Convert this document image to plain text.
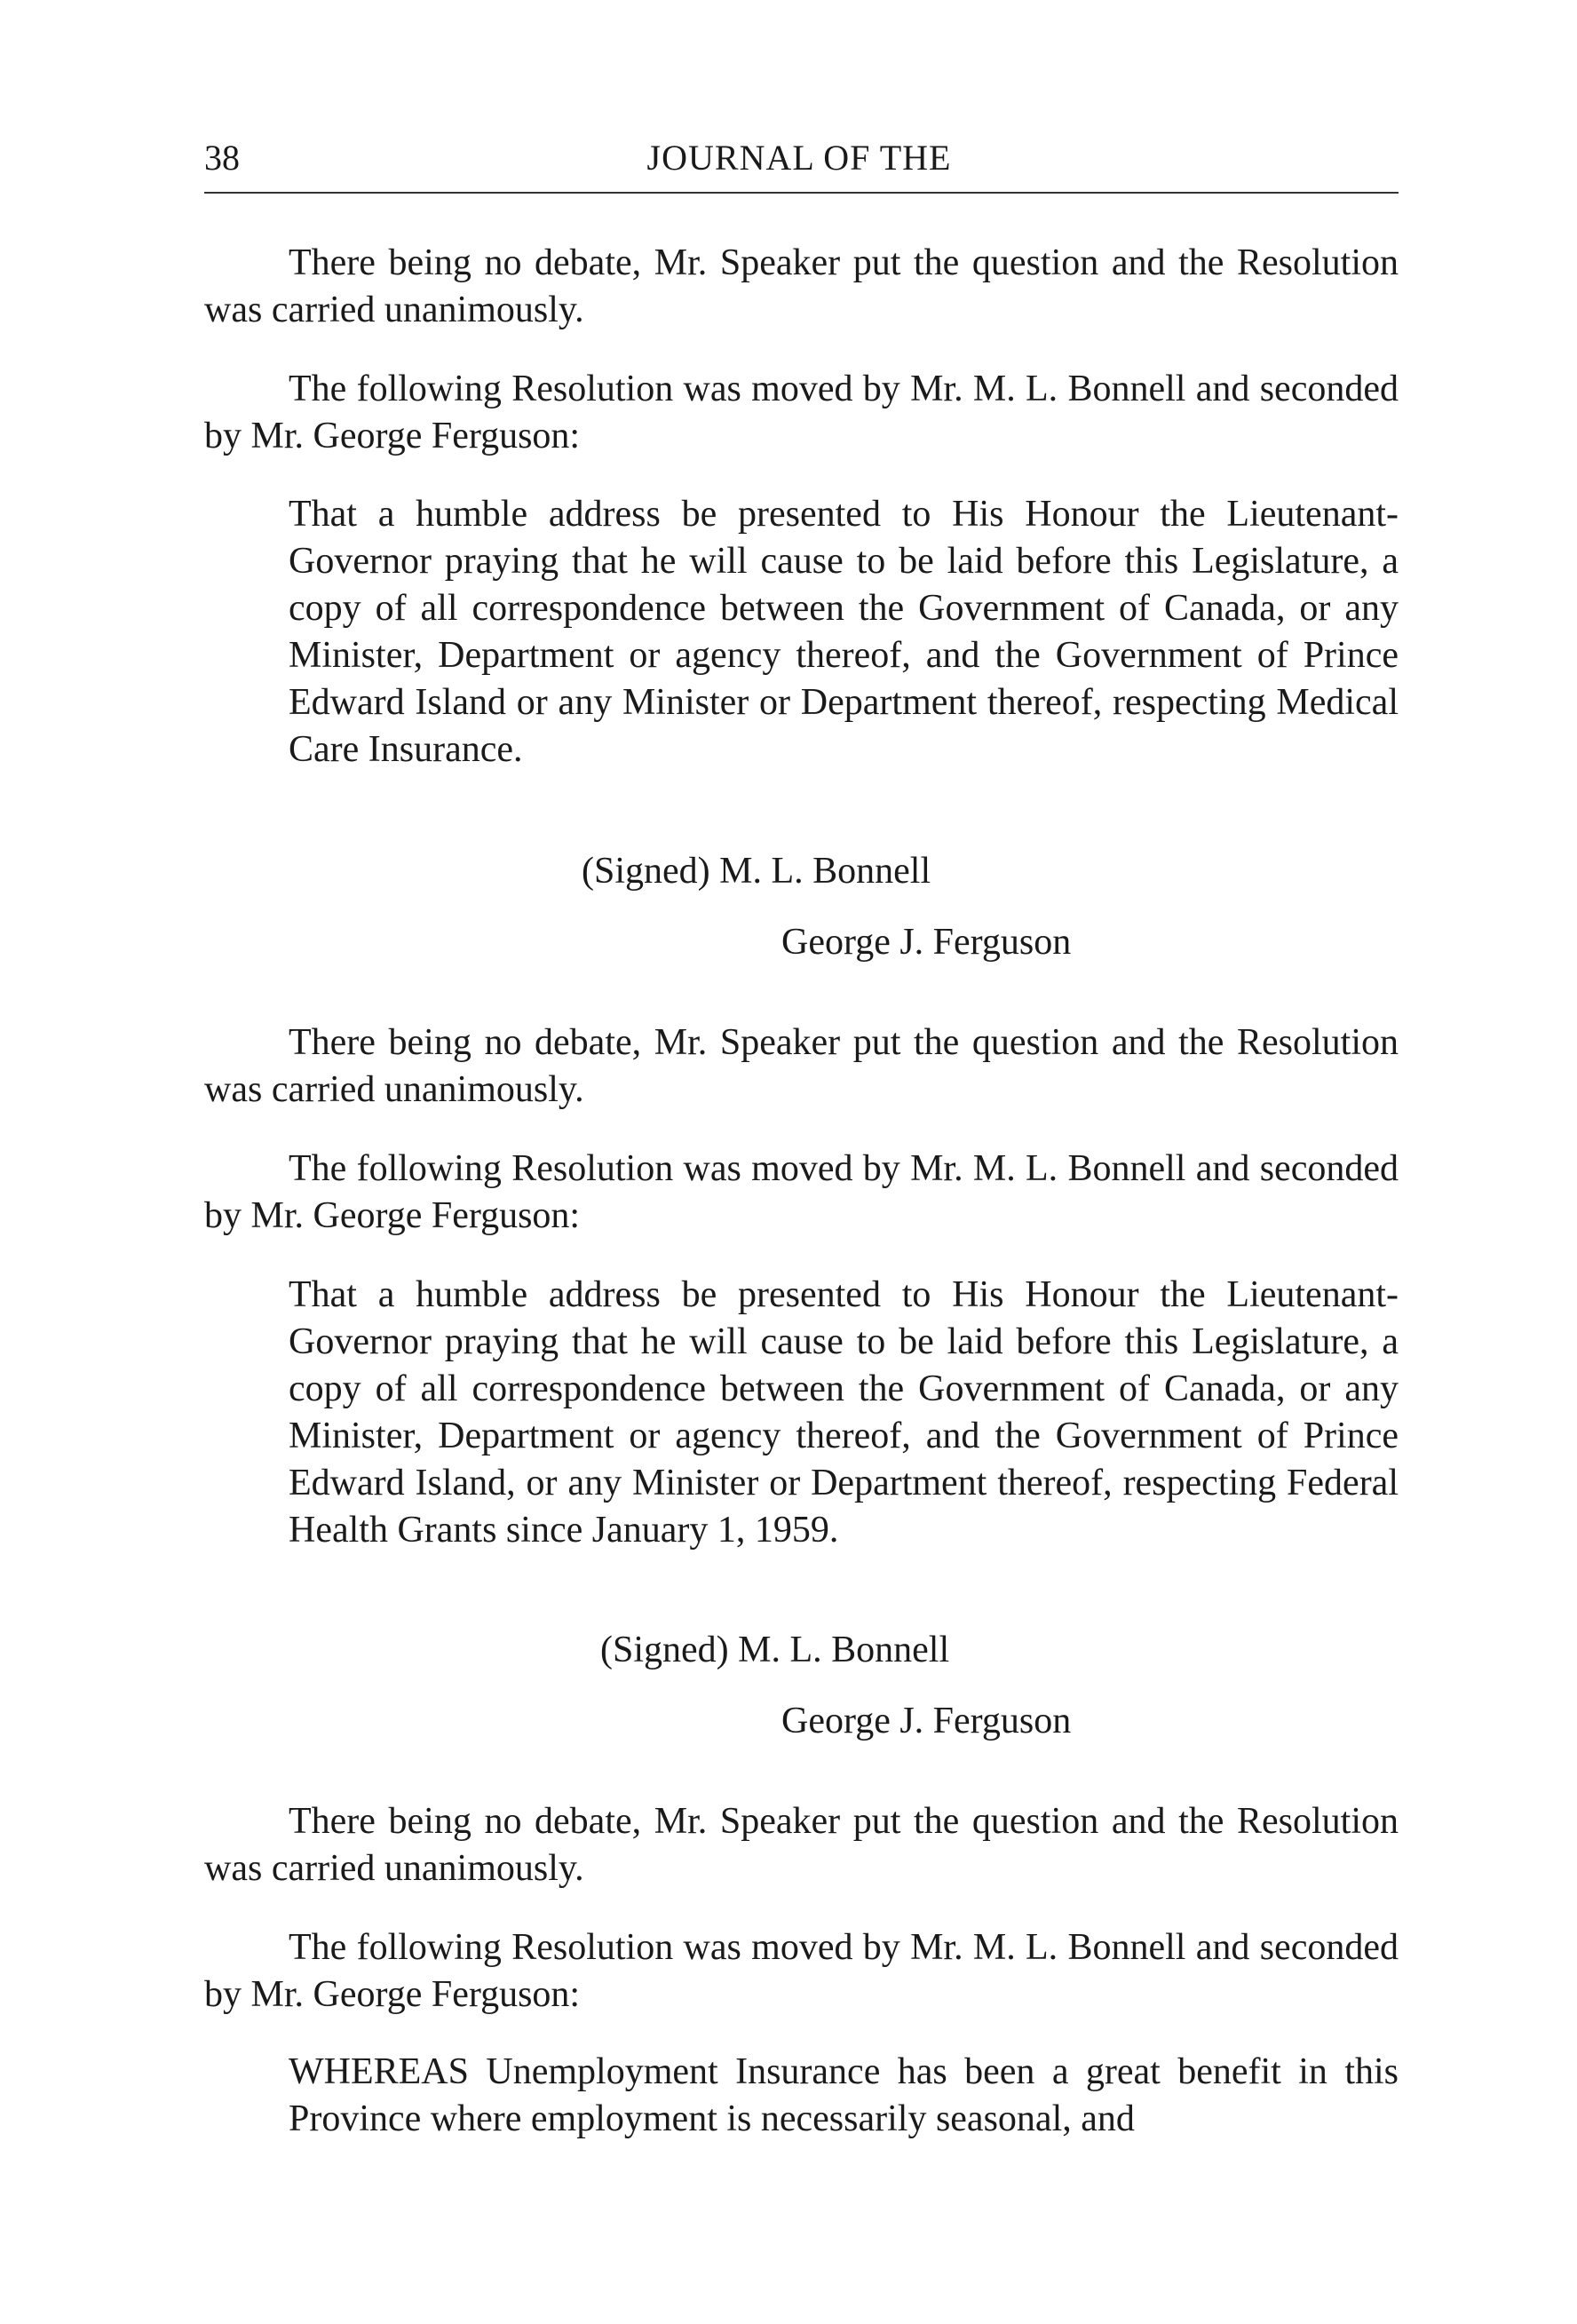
38	JOURNAL OF THE
There being no debate, Mr. Speaker put the question and the Resolution was carried unanimously.
The following Resolution was moved by Mr. M. L. Bonnell and seconded by Mr. George Ferguson:
That a humble address be presented to His Honour the Lieutenant-Governor praying that he will cause to be laid before this Legislature, a copy of all correspondence between the Government of Canada, or any Minister, Department or agency thereof, and the Government of Prince Edward Island or any Minister or Department thereof, respecting Medical Care Insurance.
(Signed) M. L. Bonnell
George J. Ferguson
There being no debate, Mr. Speaker put the question and the Resolution was carried unanimously.
The following Resolution was moved by Mr. M. L. Bonnell and seconded by Mr. George Ferguson:
That a humble address be presented to His Honour the Lieutenant-Governor praying that he will cause to be laid before this Legislature, a copy of all correspondence between the Government of Canada, or any Minister, Department or agency thereof, and the Government of Prince Edward Island, or any Minister or Department thereof, respecting Federal Health Grants since January 1, 1959.
(Signed) M. L. Bonnell
George J. Ferguson
There being no debate, Mr. Speaker put the question and the Resolution was carried unanimously.
The following Resolution was moved by Mr. M. L. Bonnell and seconded by Mr. George Ferguson:
WHEREAS Unemployment Insurance has been a great benefit in this Province where employment is necessarily seasonal, and
